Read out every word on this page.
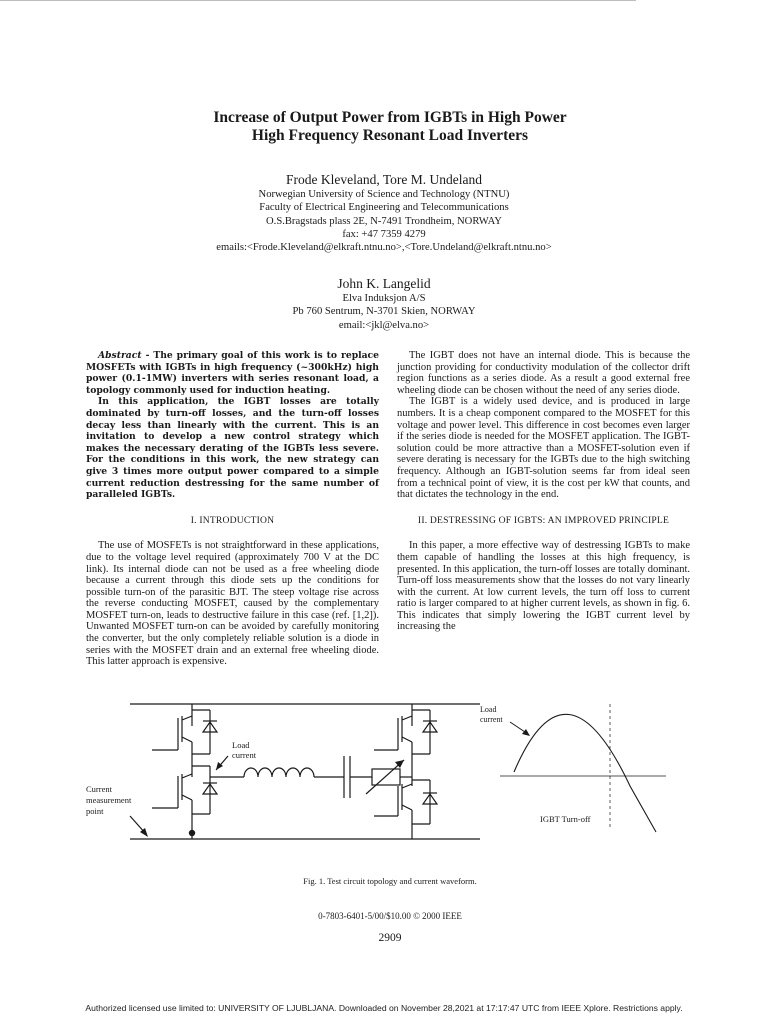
Increase of Output Power from IGBTs in High Power
High Frequency Resonant Load Inverters
Frode Kleveland, Tore M. Undeland
Norwegian University of Science and Technology (NTNU)
Faculty of Electrical Engineering and Telecommunications
O.S.Bragstads plass 2E, N-7491 Trondheim, NORWAY
fax: +47 7359 4279
emails:<Frode.Kleveland@elkraft.ntnu.no>,<Tore.Undeland@elkraft.ntnu.no>
John K. Langelid
Elva Induksjon A/S
Pb 760 Sentrum, N-3701 Skien, NORWAY
email:<jkl@elva.no>

Abstract - The primary goal of this work is to replace MOSFETs with IGBTs in high frequency (~300kHz) high power (0.1-1MW) inverters with series resonant load, a topology commonly used for induction heating.

In this application, the IGBT losses are totally dominated by turn-off losses, and the turn-off losses decay less than linearly with the current. This is an invitation to develop a new control strategy which makes the necessary derating of the IGBTs less severe. For the conditions in this work, the new strategy can give 3 times more output power compared to a simple current reduction destressing for the same number of paralleled IGBTs.

I. INTRODUCTION

The use of MOSFETs is not straightforward in these applications, due to the voltage level required (approximately 700 V at the DC link). Its internal diode can not be used as a free wheeling diode because a current through this diode sets up the conditions for possible turn-on of the parasitic BJT. The steep voltage rise across the reverse conducting MOSFET, caused by the complementary MOSFET turn-on, leads to destructive failure in this case (ref. [1,2]). Unwanted MOSFET turn-on can be avoided by carefully monitoring the converter, but the only completely reliable solution is a diode in series with the MOSFET drain and an external free wheeling diode. This latter approach is expensive.

The IGBT does not have an internal diode. This is because the junction providing for conductivity modulation of the collector drift region functions as a series diode. As a result a good external free wheeling diode can be chosen without the need of any series diode.

The IGBT is a widely used device, and is produced in large numbers. It is a cheap component compared to the MOSFET for this voltage and power level. This difference in cost becomes even larger if the series diode is needed for the MOSFET application. The IGBT-solution could be more attractive than a MOSFET-solution even if severe derating is necessary for the IGBTs due to the high switching frequency. Although an IGBT-solution seems far from ideal seen from a technical point of view, it is the cost per kW that counts, and that dictates the technology in the end.

II. DESTRESSING OF IGBTS: AN IMPROVED PRINCIPLE

In this paper, a more effective way of destressing IGBTs to make them capable of handling the losses at this high frequency, is presented. In this application, the turn-off losses are totally dominant. Turn-off loss measurements show that the losses do not vary linearly with the current. At low current levels, the turn off loss to current ratio is larger compared to at higher current levels, as shown in fig. 6. This indicates that simply lowering the IGBT current level by increasing the

Load
current
Current
measurement
point
Load
current
IGBT Turn-off
Fig. 1. Test circuit topology and current waveform.
0-7803-6401-5/00/$10.00 © 2000 IEEE
2909
Authorized licensed use limited to: UNIVERSITY OF LJUBLJANA. Downloaded on November 28,2021 at 17:17:47 UTC from IEEE Xplore. Restrictions apply.
